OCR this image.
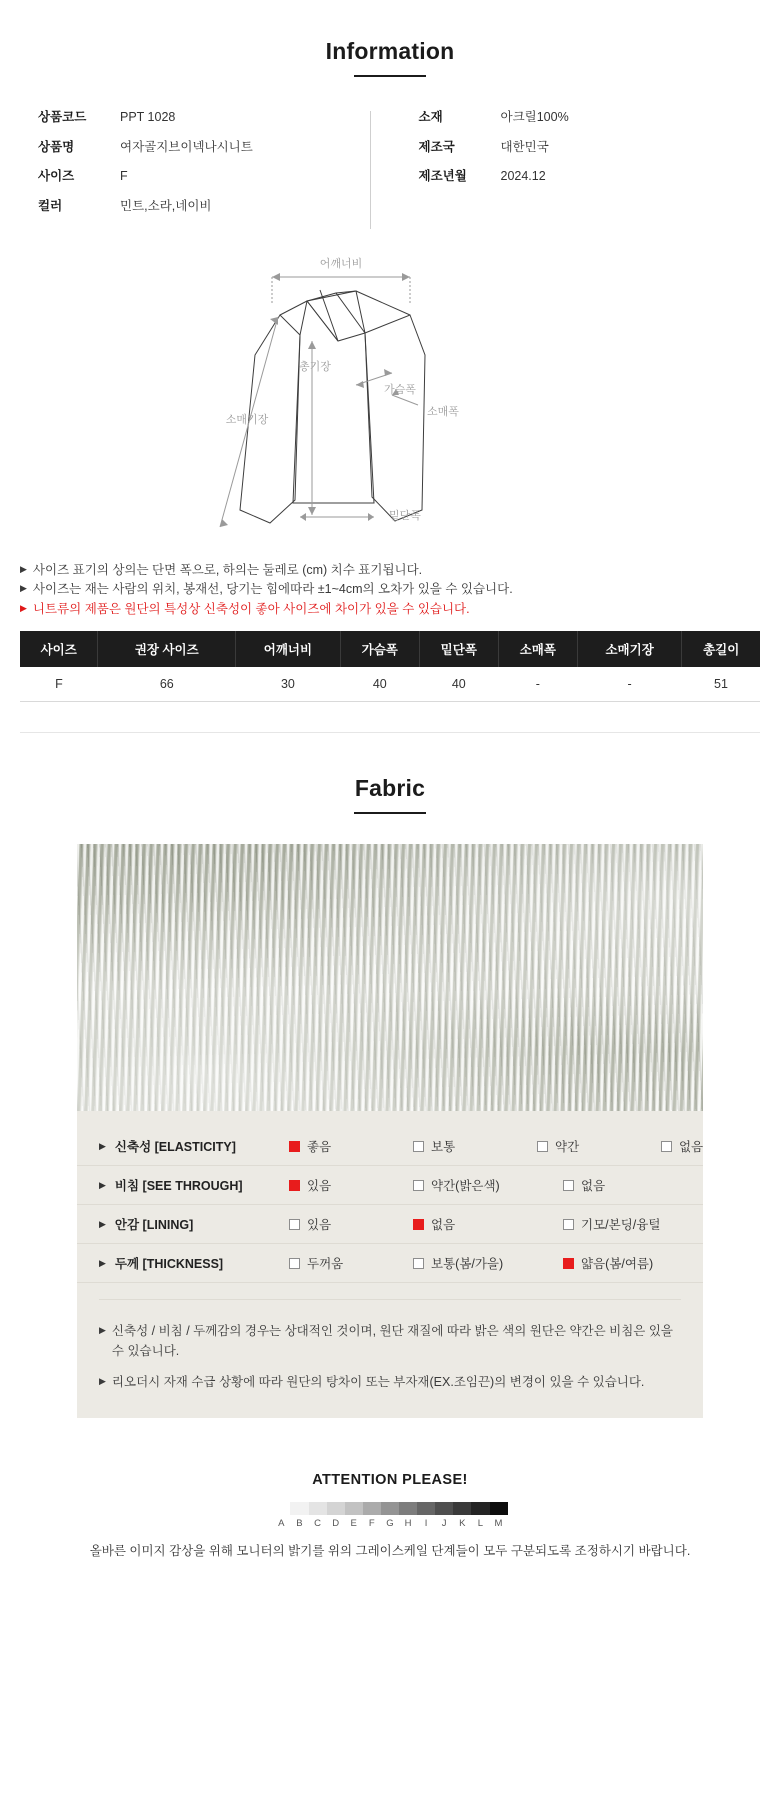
Information
상품코드	PPT 1028
상품명	여자골지브이넥나시니트
사이즈	F
컬러	민트,소라,네이비
소재	아크릴100%
제조국	대한민국
제조년월	2024.12
어깨너비
소매기장
총기장
가슴폭
소매폭
밑단폭
▶ 사이즈 표기의 상의는 단면 폭으로, 하의는 둘레로 (cm) 치수 표기됩니다.
▶ 사이즈는 재는 사람의 위치, 봉재선, 당기는 힘에따라 ±1~4cm의 오차가 있을 수 있습니다.
▶ 니트류의 제품은 원단의 특성상 신축성이 좋아 사이즈에 차이가 있을 수 있습니다.
사이즈	권장 사이즈	어깨너비	가슴폭	밑단폭	소매폭	소매기장	총길이
F	66	30	40	40	-	-	51
Fabric
▶ 신축성 [ELASTICITY]	좋음	보통	약간	없음
▶ 비침 [SEE THROUGH]	있음	약간(밝은색)	없음
▶ 안감 [LINING]	있음	없음	기모/본딩/융털
▶ 두께 [THICKNESS]	두꺼움	보통(봄/가을)	얇음(봄/여름)
▶ 신축성 / 비침 / 두께감의 경우는 상대적인 것이며, 원단 재질에 따라 밝은 색의 원단은 약간은 비침은 있을 수 있습니다.
▶ 리오더시 자재 수급 상황에 따라 원단의 탕차이 또는 부자재(EX.조임끈)의 변경이 있을 수 있습니다.
ATTENTION PLEASE!
A	B	C	D	E	F	G	H	I	J	K	L	M

올바른 이미지 감상을 위해 모니터의 밝기를 위의 그레이스케일 단계들이 모두 구분되도록 조정하시기 바랍니다.
